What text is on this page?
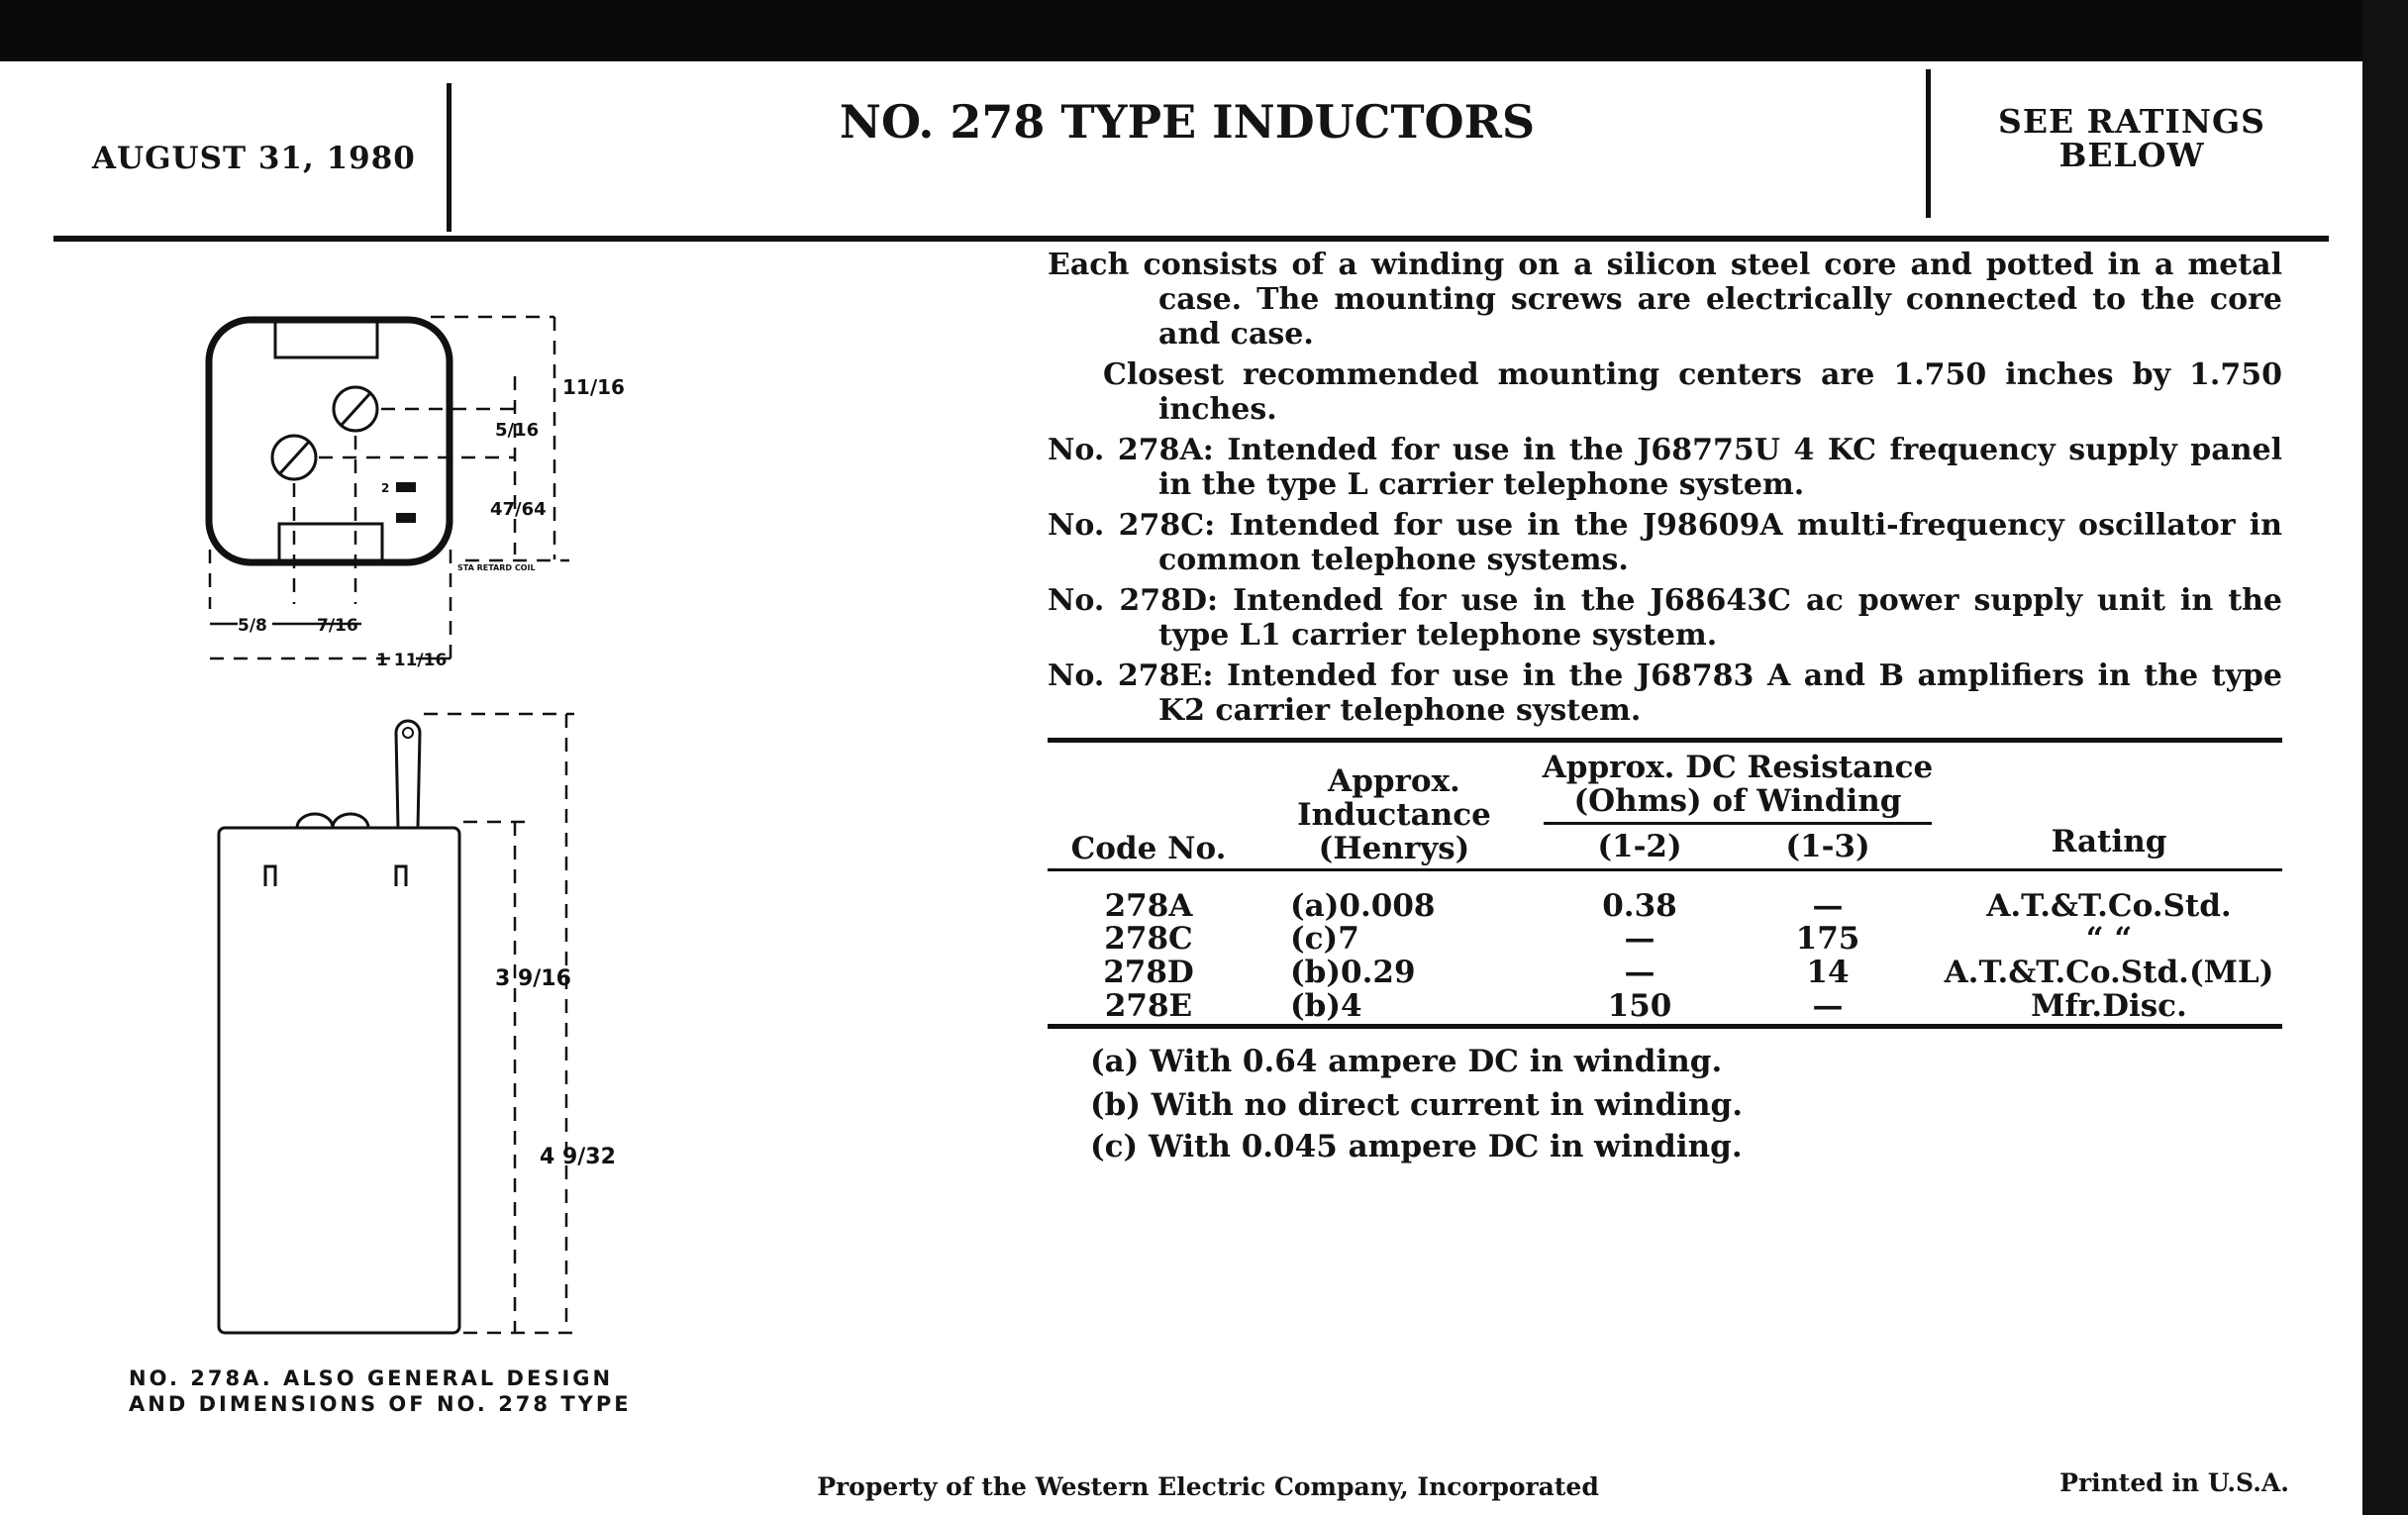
AUGUST 31, 1980
NO. 278 TYPE INDUCTORS	SEE RATINGS
BELOW

Each consists of a winding on a silicon steel core and potted in a metal case. The mounting screws are electrically connected to the core and case.

Closest recommended mounting centers are 1.750 inches by 1.750 inches.

No. 278A: Intended for use in the J68775U 4 KC frequency supply panel in the type L carrier telephone system.

No. 278C: Intended for use in the J98609A multi-frequency oscillator in common telephone systems.

No. 278D: Intended for use in the J68643C ac power supply unit in the type L1 carrier telephone system.

No. 278E: Intended for use in the J68783 A and B amplifiers in the type K2 carrier telephone system.

Approx.
Inductance
(Henrys)
Code No.
Approx. DC Resistance
(Ohms) of Winding
(1-2)	(1-3)	Rating
278A	(a)0.008	0.38	—	A.T.&T.Co.Std.
278C	(c)7	—	175	“ “
278D	(b)0.29	—	14	A.T.&T.Co.Std.(ML)
278E	(b)4	150	—	Mfr.Disc.
(a) With 0.64 ampere DC in winding.
(b) With no direct current in winding.
(c) With 0.045 ampere DC in winding.
2
STA RETARD COIL
11/16
5/16
47/64
5/8	7/16
1 11/16
3 9/16
4 9/32
NO. 278A. ALSO GENERAL DESIGN
AND DIMENSIONS OF NO. 278 TYPE
Property of the Western Electric Company, Incorporated	Printed in U.S.A.
